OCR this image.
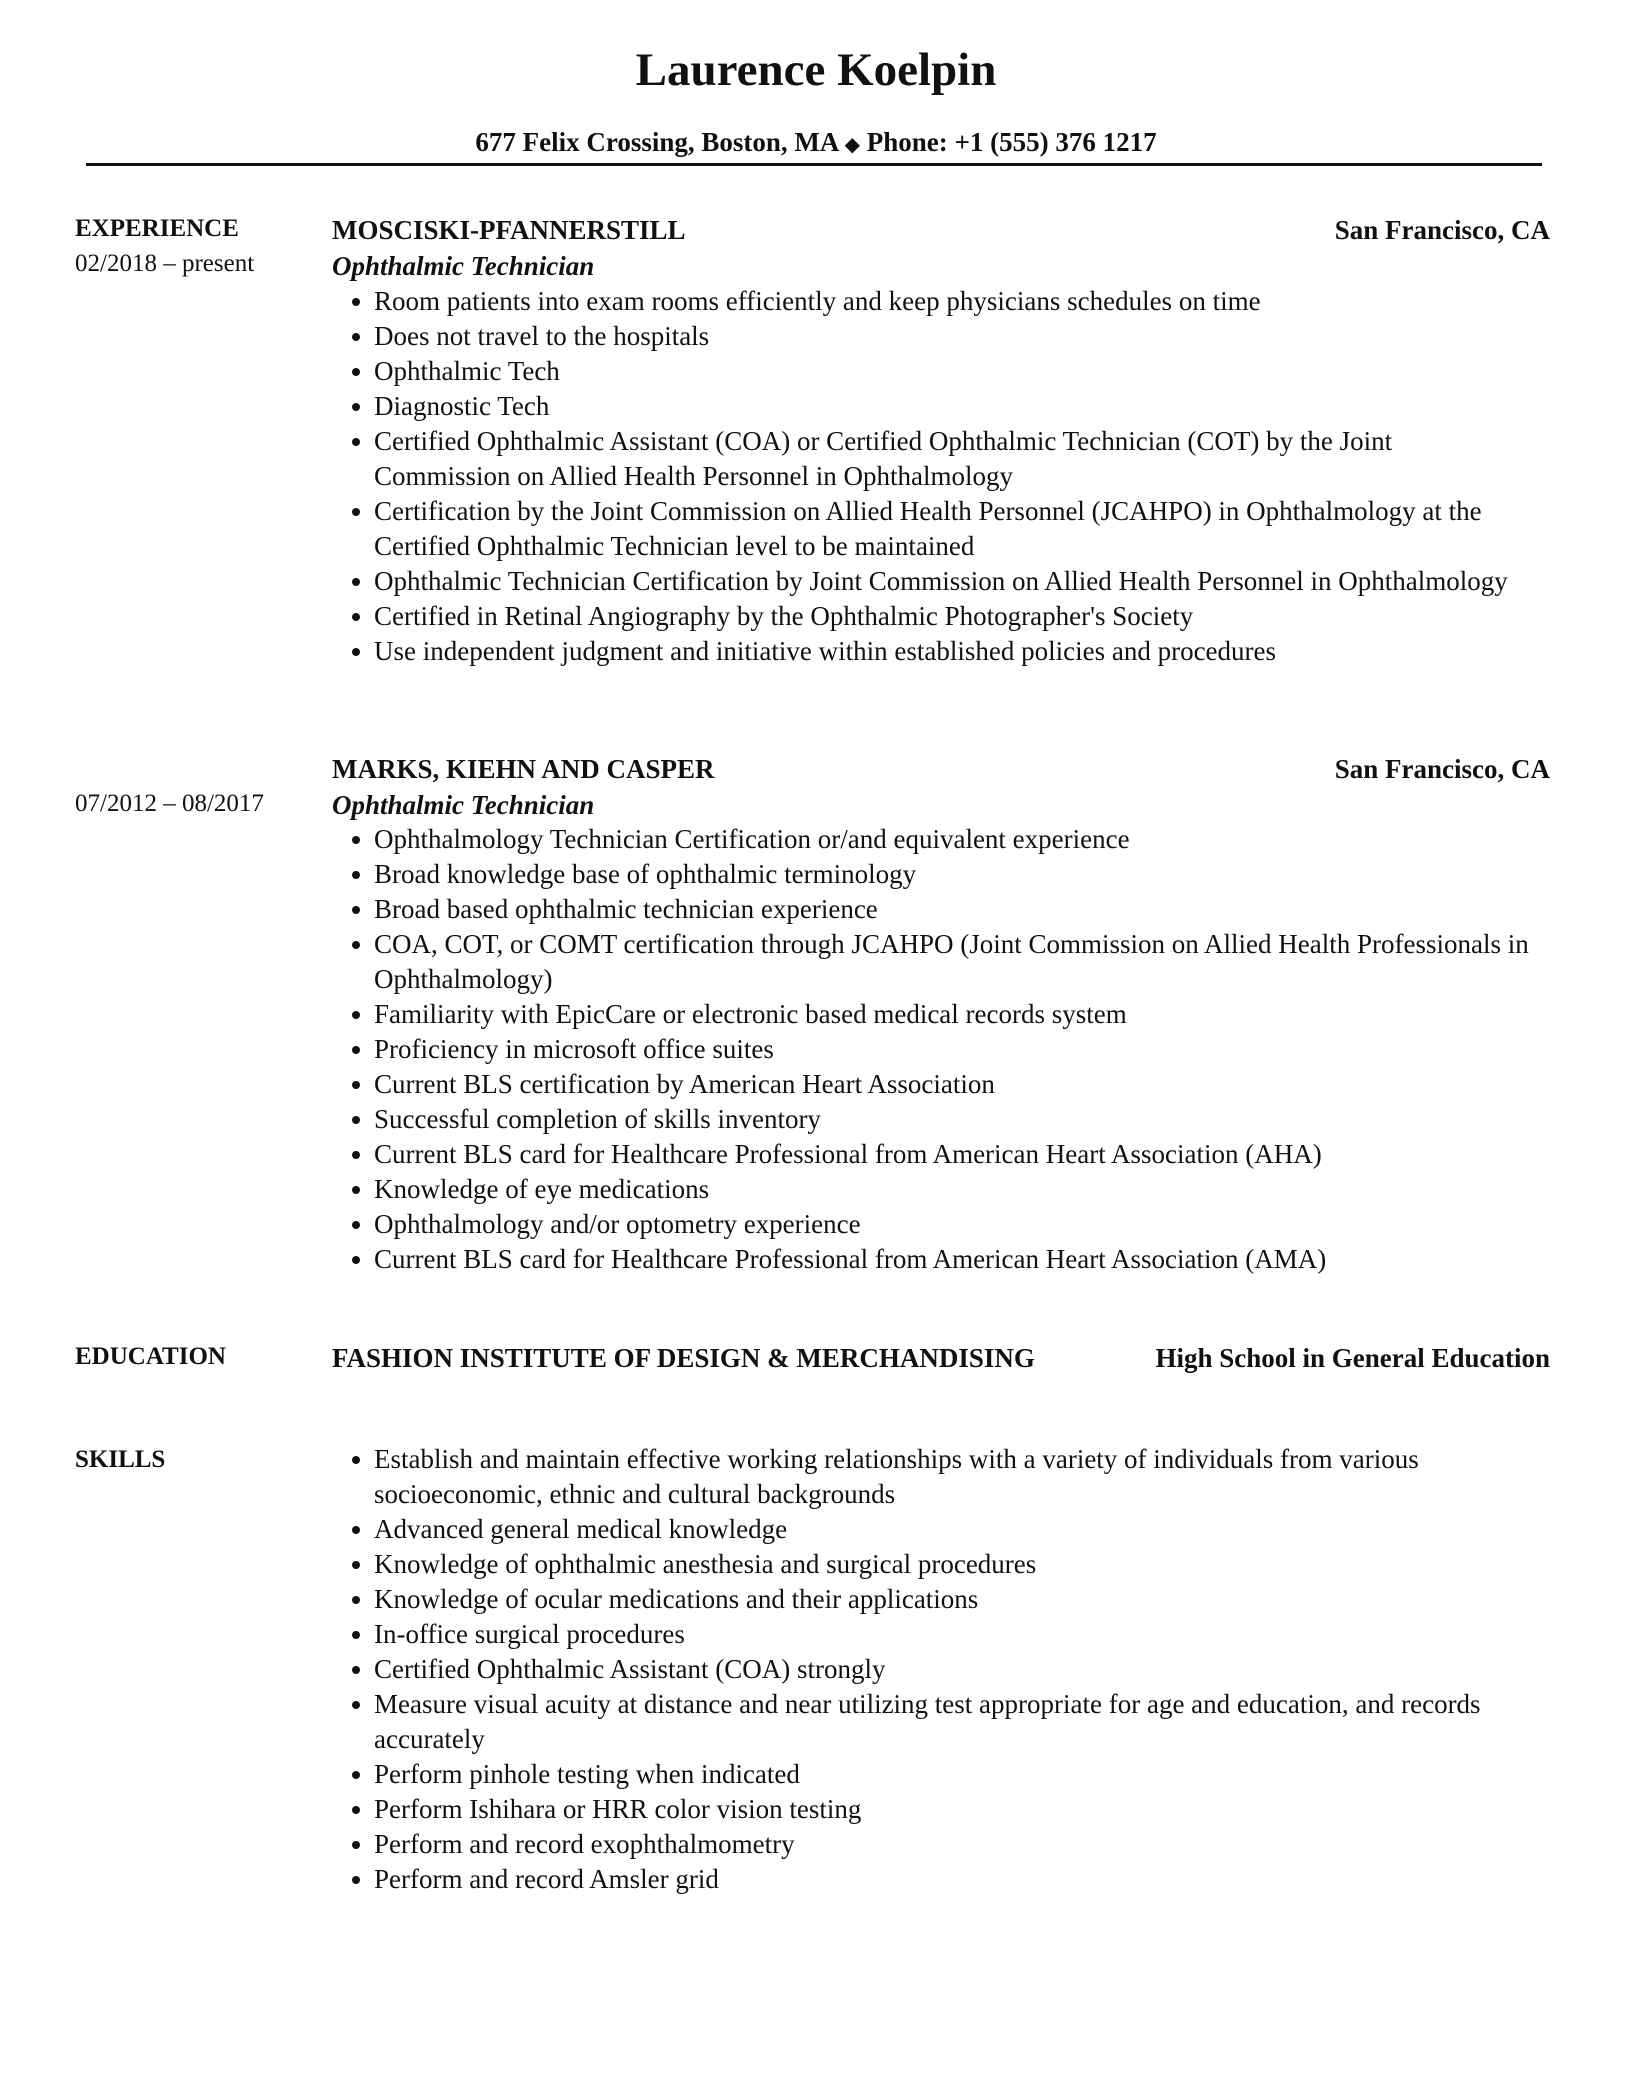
Laurence Koelpin
677 Felix Crossing, Boston, MA ◆ Phone: +1 (555) 376 1217
EXPERIENCE
02/2018 – present
MOSCISKI-PFANNERSTILL	San Francisco, CA
Ophthalmic Technician
Room patients into exam rooms efficiently and keep physicians schedules on time
Does not travel to the hospitals
Ophthalmic Tech
Diagnostic Tech
Certified Ophthalmic Assistant (COA) or Certified Ophthalmic Technician (COT) by the Joint Commission on Allied Health Personnel in Ophthalmology
Certification by the Joint Commission on Allied Health Personnel (JCAHPO) in Ophthalmology at the Certified Ophthalmic Technician level to be maintained
Ophthalmic Technician Certification by Joint Commission on Allied Health Personnel in Ophthalmology
Certified in Retinal Angiography by the Ophthalmic Photographer's Society
Use independent judgment and initiative within established policies and procedures
07/2012 – 08/2017
MARKS, KIEHN AND CASPER	San Francisco, CA
Ophthalmic Technician
Ophthalmology Technician Certification or/and equivalent experience
Broad knowledge base of ophthalmic terminology
Broad based ophthalmic technician experience
COA, COT, or COMT certification through JCAHPO (Joint Commission on Allied Health Professionals in Ophthalmology)
Familiarity with EpicCare or electronic based medical records system
Proficiency in microsoft office suites
Current BLS certification by American Heart Association
Successful completion of skills inventory
Current BLS card for Healthcare Professional from American Heart Association (AHA)
Knowledge of eye medications
Ophthalmology and/or optometry experience
Current BLS card for Healthcare Professional from American Heart Association (AMA)
EDUCATION	FASHION INSTITUTE OF DESIGN & MERCHANDISING	High School in General Education
SKILLS	Establish and maintain effective working relationships with a variety of individuals from various socioeconomic, ethnic and cultural backgrounds
Advanced general medical knowledge
Knowledge of ophthalmic anesthesia and surgical procedures
Knowledge of ocular medications and their applications
In-office surgical procedures
Certified Ophthalmic Assistant (COA) strongly
Measure visual acuity at distance and near utilizing test appropriate for age and education, and records accurately
Perform pinhole testing when indicated
Perform Ishihara or HRR color vision testing
Perform and record exophthalmometry
Perform and record Amsler grid
